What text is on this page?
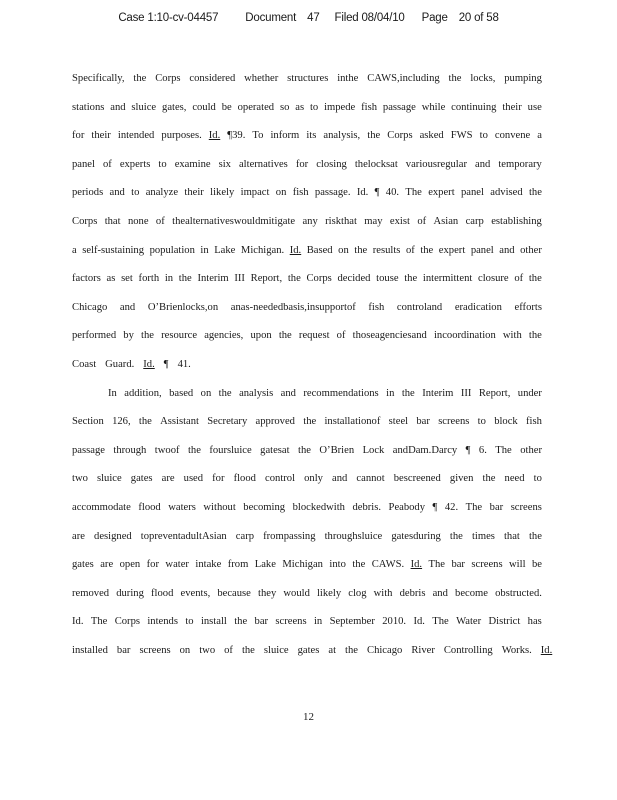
Case 1:10-cv-04457 Document 47 Filed 08/04/10 Page 20 of 58
Specifically, the Corps considered whether structures inthe CAWS,including the locks, pumping
stations and sluice gates, could be operated so as to impede fish passage while continuing their use
for their intended purposes. Id. ¶39. To inform its analysis, the Corps asked FWS to convene a
panel of experts to examine six alternatives for closing thelocksat variousregular and temporary
periods and to analyze their likely impact on fish passage. Id. ¶ 40. The expert panel advised the
Corps that none of thealternativeswouldmitigate any riskthat may exist of Asian carp establishing
a self-sustaining population in Lake Michigan. Id. Based on the results of the expert panel and other
factors as set forth in the Interim III Report, the Corps decided touse the intermittent closure of the
Chicago and O’Brienlocks,on anas-neededbasis,insupportof fish controland eradication efforts
performed by the resource agencies, upon the request of thoseagenciesand incoordination with the
Coast Guard. Id. ¶ 41.
In addition, based on the analysis and recommendations in the Interim III Report, under
Section 126, the Assistant Secretary approved the installationof steel bar screens to block fish
passage through twoof the foursluice gatesat the O’Brien Lock andDam.Darcy ¶ 6. The other
two sluice gates are used for flood control only and cannot bescreened given the need to
accommodate flood waters without becoming blockedwith debris. Peabody ¶ 42. The bar screens
are designed topreventadultAsian carp frompassing throughsluice gatesduring the times that the
gates are open for water intake from Lake Michigan into the CAWS. Id. The bar screens will be
removed during flood events, because they would likely clog with debris and become obstructed.
Id. The Corps intends to install the bar screens in September 2010. Id. The Water District has
installed bar screens on two of the sluice gates at the Chicago River Controlling Works. Id.
12
